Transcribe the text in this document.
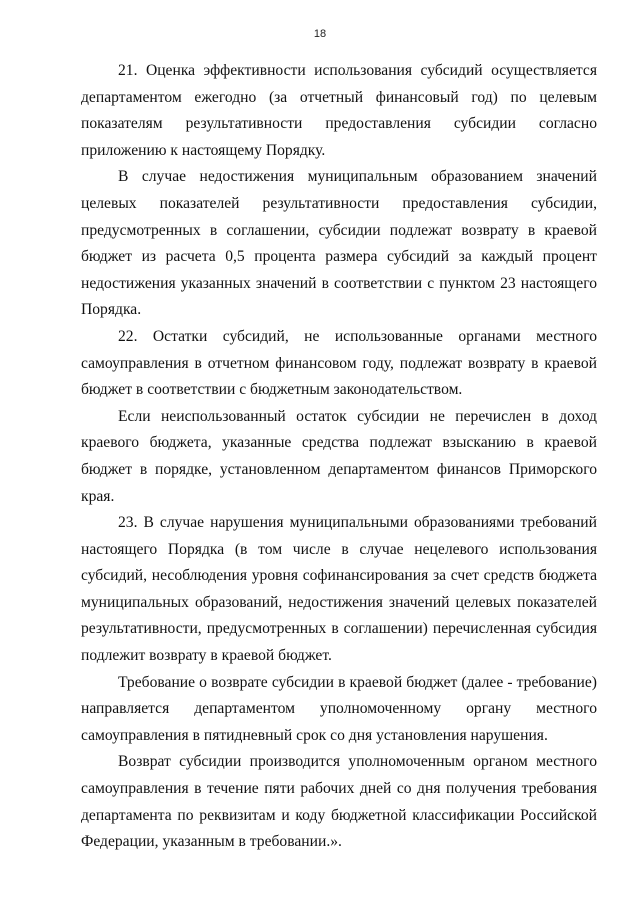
18

21. Оценка эффективности использования субсидий осуществляется департаментом ежегодно (за отчетный финансовый год) по целевым показателям результативности предоставления субсидии согласно приложению к настоящему Порядку.

В случае недостижения муниципальным образованием значений целевых показателей результативности предоставления субсидии, предусмотренных в соглашении, субсидии подлежат возврату в краевой бюджет из расчета 0,5 процента размера субсидий за каждый процент недостижения указанных значений в соответствии с пунктом 23 настоящего Порядка.

22. Остатки субсидий, не использованные органами местного самоуправления в отчетном финансовом году, подлежат возврату в краевой бюджет в соответствии с бюджетным законодательством.

Если неиспользованный остаток субсидии не перечислен в доход краевого бюджета, указанные средства подлежат взысканию в краевой бюджет в порядке, установленном департаментом финансов Приморского края.

23. В случае нарушения муниципальными образованиями требований настоящего Порядка (в том числе в случае нецелевого использования субсидий, несоблюдения уровня софинансирования за счет средств бюджета муниципальных образований, недостижения значений целевых показателей результативности, предусмотренных в соглашении) перечисленная субсидия подлежит возврату в краевой бюджет.

Требование о возврате субсидии в краевой бюджет (далее - требование) направляется департаментом уполномоченному органу местного самоуправления в пятидневный срок со дня установления нарушения.

Возврат субсидии производится уполномоченным органом местного самоуправления в течение пяти рабочих дней со дня получения требования департамента по реквизитам и коду бюджетной классификации Российской Федерации, указанным в требовании.».
